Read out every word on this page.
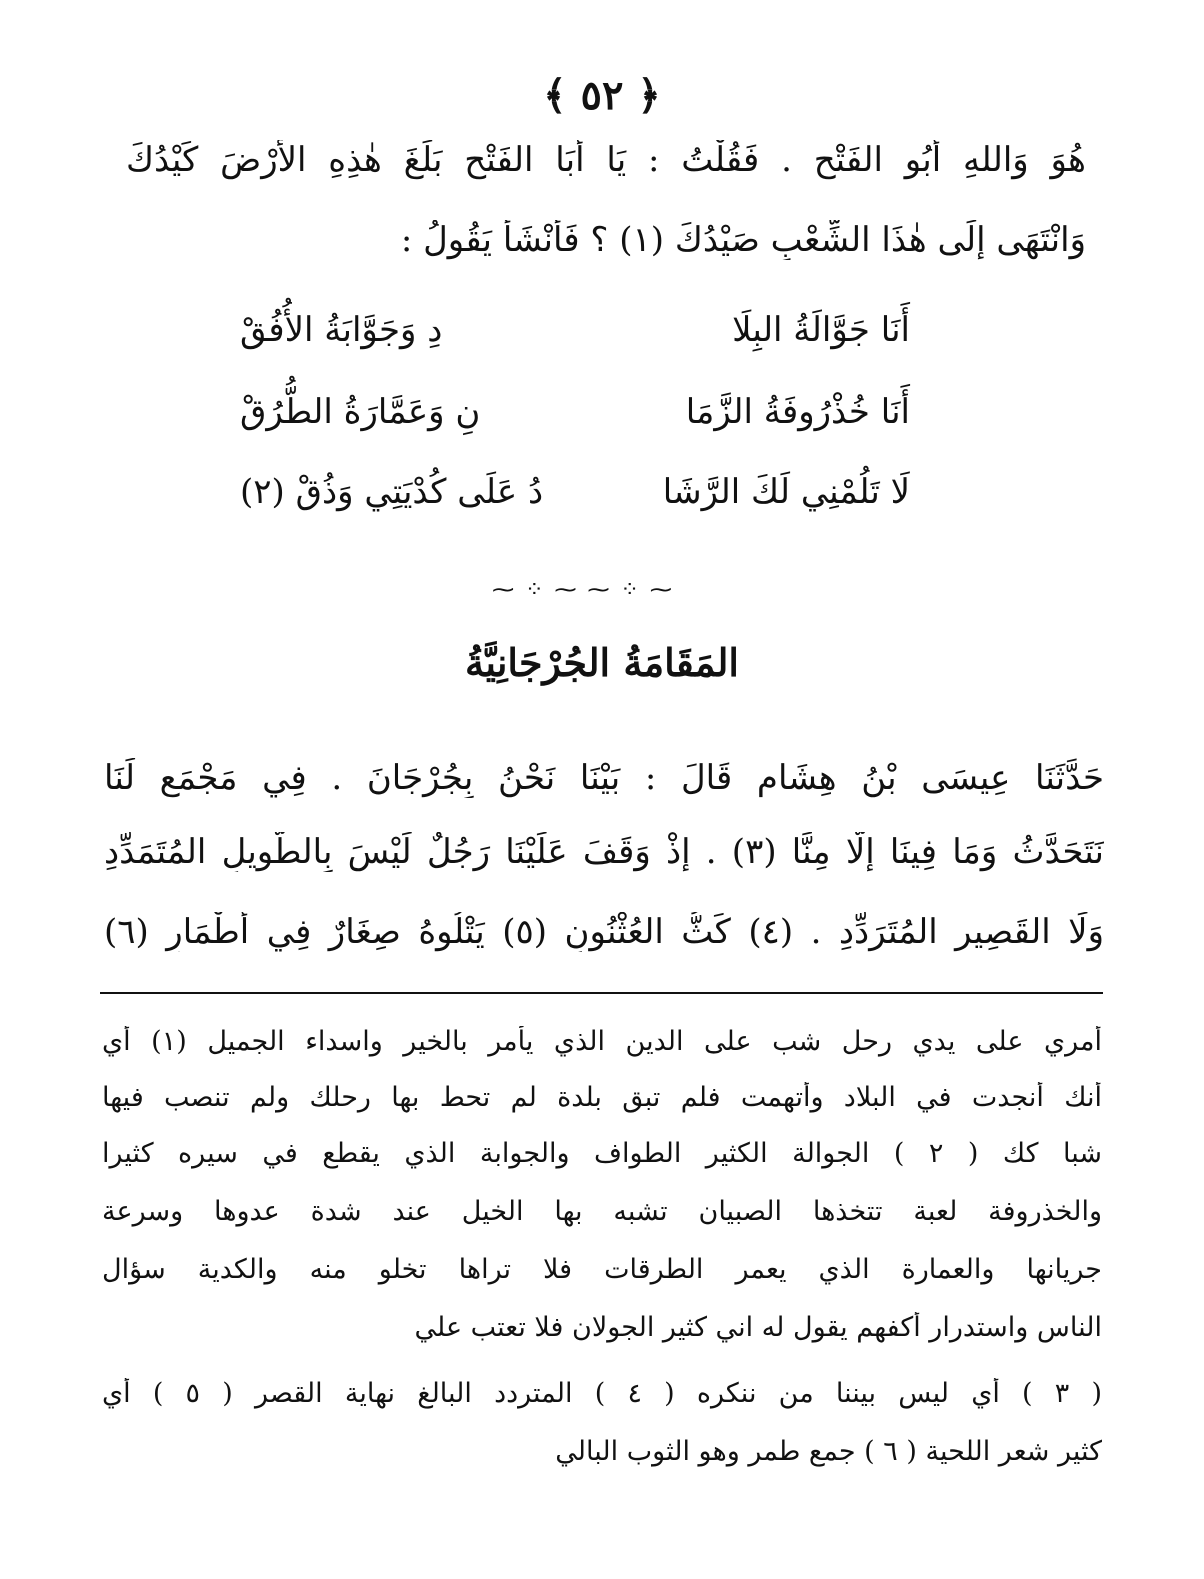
﴿ ٥٢ ﴾
هُوَ وَاللهِ أَبُو الفَتْحِ . فَقُلْتُ : يَا أَبَا الفَتْحِ بَلَغَ هٰذِهِ الأَرْضَ كَيْدُكَ
وَانْتَهَى إِلَى هٰذَا الشِّعْبِ صَيْدُكَ (١) ؟ فَأَنْشَأَ يَقُولُ :
أَنَا جَوَّالَةُ البِلَا
دِ وَجَوَّابَةُ الأُفُقْ
أَنَا خُذْرُوفَةُ الزَّمَا
نِ وَعَمَّارَةُ الطُّرُقْ
لَا تَلُمْنِي لَكَ الرَّشَا
دُ عَلَى كُدْيَتِي وَذُقْ (٢)
⁓ ⁘ ⁓ ⁓ ⁘ ⁓
المَقَامَةُ الجُرْجَانِيَّةُ
حَدَّثَنَا عِيسَى بْنُ هِشَامٍ قَالَ : بَيْنَا نَحْنُ بِجُرْجَانَ . فِي مَجْمَعٍ لَنَا
نَتَحَدَّثُ وَمَا فِينَا إِلَّا مِنَّا (٣) . إِذْ وَقَفَ عَلَيْنَا رَجُلٌ لَيْسَ بِالطَّوِيلِ المُتَمَدِّدِ
وَلَا القَصِيرِ المُتَرَدِّدِ . (٤) كَثُّ العُثْنُونِ (٥) يَتْلُوهُ صِغَارٌ فِي أَطْمَارٍ (٦)
أمري على يدي رحل شب على الدين الذي يأمر بالخير واسداء الجميل (١) أي
أنك أنجدت في البلاد وأتهمت فلم تبق بلدة لم تحط بها رحلك ولم تنصب فيها
شبا كك ( ٢ ) الجوالة الكثير الطواف والجوابة الذي يقطع في سيره كثيرا
والخذروفة لعبة تتخذها الصبيان تشبه بها الخيل عند شدة عدوها وسرعة
جريانها والعمارة الذي يعمر الطرقات فلا تراها تخلو منه والكدية سؤال
الناس واستدرار أكفهم يقول له اني كثير الجولان فلا تعتب علي
( ٣ ) أي ليس بيننا من ننكره ( ٤ ) المتردد البالغ نهاية القصر ( ٥ ) أي
كثير شعر اللحية ( ٦ ) جمع طمر وهو الثوب البالي
